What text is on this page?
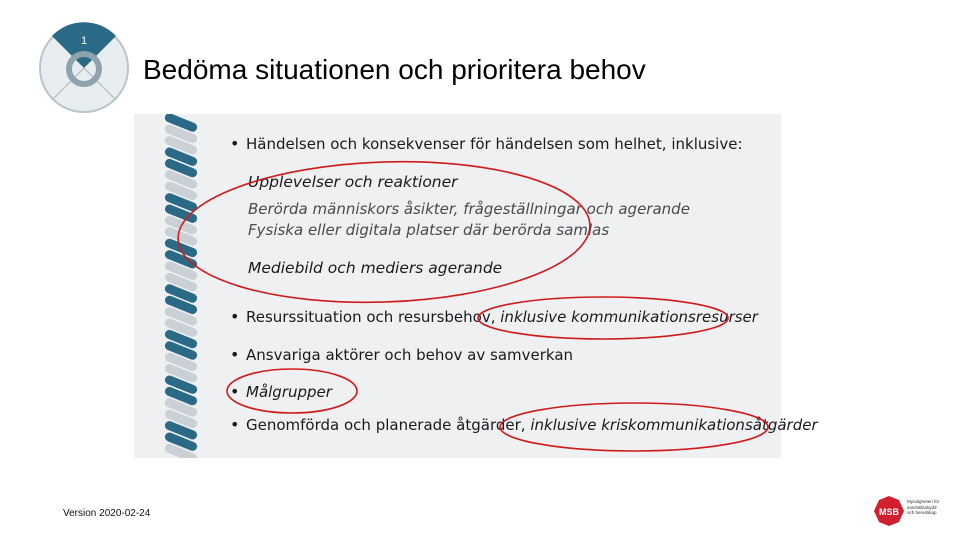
1
Bedöma situationen och prioritera behov
• Händelsen och konsekvenser för händelsen som helhet, inklusive:
Upplevelser och reaktioner
Berörda människors åsikter, frågeställningar och agerande
Fysiska eller digitala platser där berörda samlas
Mediebild och mediers agerande
• Resurssituation och resursbehov, inklusive kommunikationsresurser
• Ansvariga aktörer och behov av samverkan
• Målgrupper
• Genomförda och planerade åtgärder, inklusive kriskommunikationsåtgärder
Version 2020-02-24	MSB
Myndigheten för
samhällsskydd
och beredskap
